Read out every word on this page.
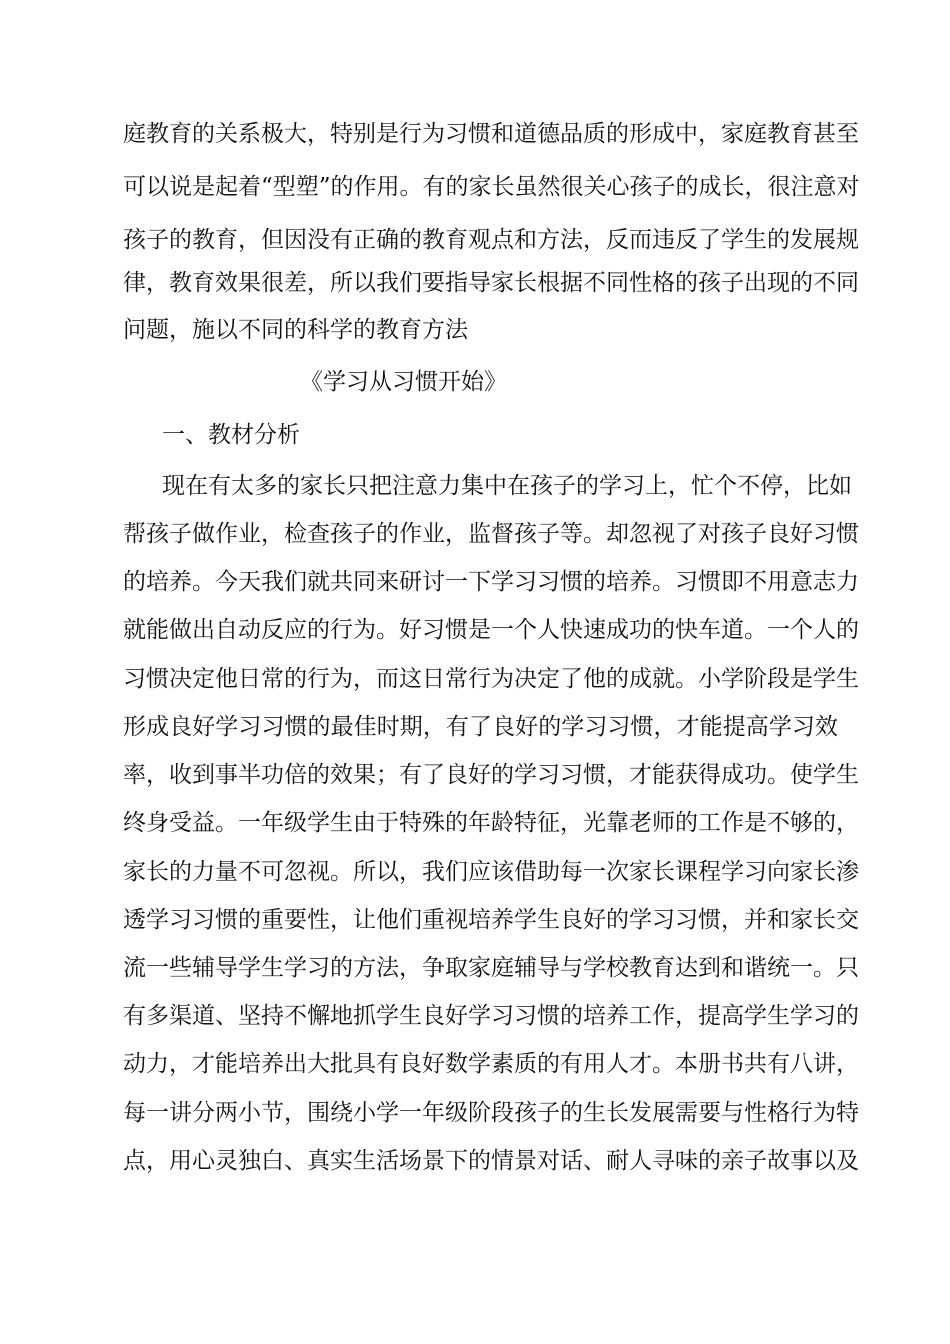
庭教育的关系极大，特别是行为习惯和道德品质的形成中，家庭教育甚至
可以说是起着“型塑”的作用。有的家长虽然很关心孩子的成长，很注意对
孩子的教育，但因没有正确的教育观点和方法，反而违反了学生的发展规
律，教育效果很差，所以我们要指导家长根据不同性格的孩子出现的不同
问题，施以不同的科学的教育方法
《学习从习惯开始》
一、教材分析
现在有太多的家长只把注意力集中在孩子的学习上，忙个不停，比如
帮孩子做作业，检查孩子的作业，监督孩子等。却忽视了对孩子良好习惯
的培养。今天我们就共同来研讨一下学习习惯的培养。习惯即不用意志力
就能做出自动反应的行为。好习惯是一个人快速成功的快车道。一个人的
习惯决定他日常的行为，而这日常行为决定了他的成就。小学阶段是学生
形成良好学习习惯的最佳时期，有了良好的学习习惯，才能提高学习效
率，收到事半功倍的效果；有了良好的学习习惯，才能获得成功。使学生
终身受益。一年级学生由于特殊的年龄特征，光靠老师的工作是不够的，
家长的力量不可忽视。所以，我们应该借助每一次家长课程学习向家长渗
透学习习惯的重要性，让他们重视培养学生良好的学习习惯，并和家长交
流一些辅导学生学习的方法，争取家庭辅导与学校教育达到和谐统一。只
有多渠道、坚持不懈地抓学生良好学习习惯的培养工作，提高学生学习的
动力，才能培养出大批具有良好数学素质的有用人才。本册书共有八讲，
每一讲分两小节，围绕小学一年级阶段孩子的生长发展需要与性格行为特
点，用心灵独白、真实生活场景下的情景对话、耐人寻味的亲子故事以及
